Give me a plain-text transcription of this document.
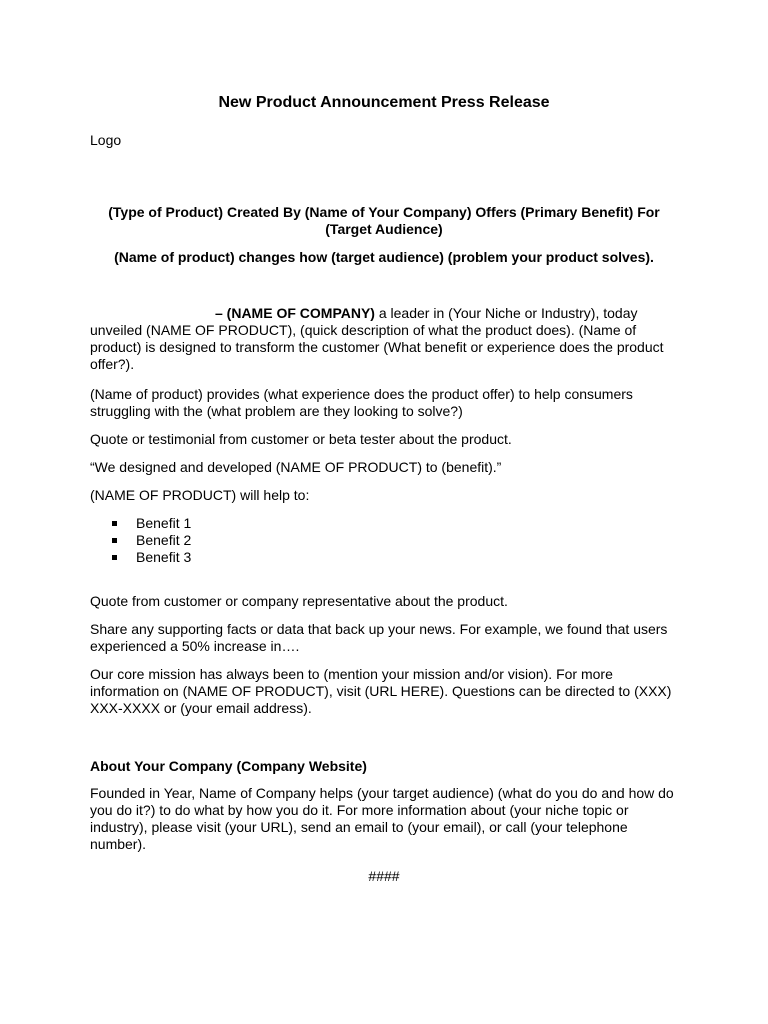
New Product Announcement Press Release
Logo
(Type of Product) Created By (Name of Your Company) Offers (Primary Benefit) For (Target Audience)
(Name of product) changes how (target audience) (problem your product solves).

– (NAME OF COMPANY) a leader in (Your Niche or Industry), today unveiled (NAME OF PRODUCT), (quick description of what the product does). (Name of product) is designed to transform the customer (What benefit or experience does the product offer?).

(Name of product) provides (what experience does the product offer) to help consumers struggling with the (what problem are they looking to solve?)
Quote or testimonial from customer or beta tester about the product.
“We designed and developed (NAME OF PRODUCT) to (benefit).”
(NAME OF PRODUCT) will help to:
Benefit 1
Benefit 2
Benefit 3
Quote from customer or company representative about the product.
Share any supporting facts or data that back up your news. For example, we found that users experienced a 50% increase in….
Our core mission has always been to (mention your mission and/or vision). For more information on (NAME OF PRODUCT), visit (URL HERE). Questions can be directed to (XXX) XXX-XXXX or (your email address).
About Your Company (Company Website)
Founded in Year, Name of Company helps (your target audience) (what do you do and how do you do it?) to do what by how you do it. For more information about (your niche topic or industry), please visit (your URL), send an email to (your email), or call (your telephone number).
####
